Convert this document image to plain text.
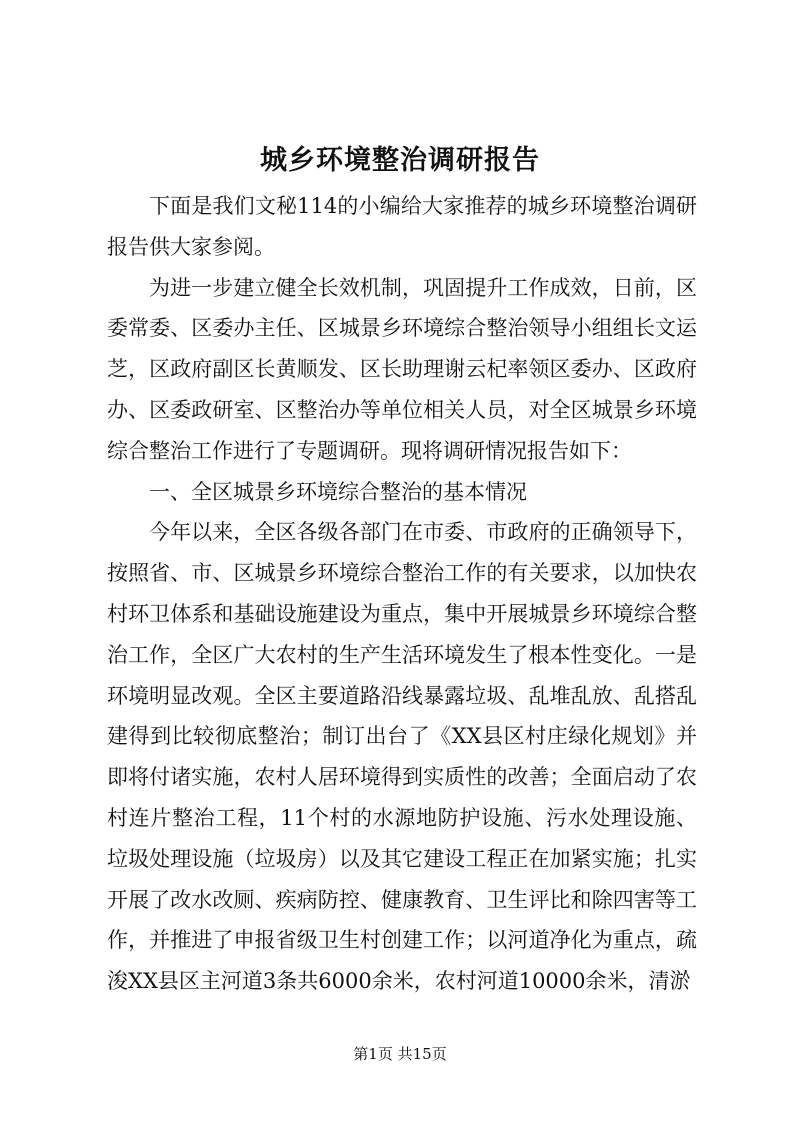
城乡环境整治调研报告

下面是我们文秘114的小编给大家推荐的城乡环境整治调研报告供大家参阅。

为进一步建立健全长效机制，巩固提升工作成效，日前，区委常委、区委办主任、区城景乡环境综合整治领导小组组长文运芝，区政府副区长黄顺发、区长助理谢云杞率领区委办、区政府办、区委政研室、区整治办等单位相关人员，对全区城景乡环境综合整治工作进行了专题调研。现将调研情况报告如下：

一、全区城景乡环境综合整治的基本情况

今年以来，全区各级各部门在市委、市政府的正确领导下，按照省、市、区城景乡环境综合整治工作的有关要求，以加快农村环卫体系和基础设施建设为重点，集中开展城景乡环境综合整治工作，全区广大农村的生产生活环境发生了根本性变化。一是环境明显改观。全区主要道路沿线暴露垃圾、乱堆乱放、乱搭乱建得到比较彻底整治；制订出台了《XX县区村庄绿化规划》并即将付诸实施，农村人居环境得到实质性的改善；全面启动了农村连片整治工程，11个村的水源地防护设施、污水处理设施、垃圾处理设施（垃圾房）以及其它建设工程正在加紧实施；扎实开展了改水改厕、疾病防控、健康教育、卫生评比和除四害等工作，并推进了申报省级卫生村创建工作；以河道净化为重点，疏浚XX县区主河道3条共6000余米，农村河道10000余米，清淤

第1页 共15页
